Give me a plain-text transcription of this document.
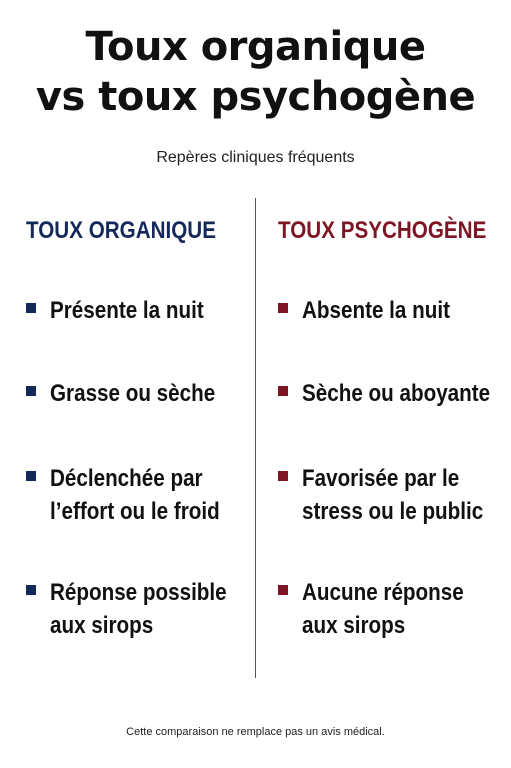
Toux organique
vs toux psychogène
Repères cliniques fréquents
TOUX ORGANIQUE
Présente la nuit
Grasse ou sèche
Déclenchée par
l’effort ou le froid
Réponse possible
aux sirops
TOUX PSYCHOGÈNE
Absente la nuit
Sèche ou aboyante
Favorisée par le
stress ou le public
Aucune réponse
aux sirops
Cette comparaison ne remplace pas un avis médical.
